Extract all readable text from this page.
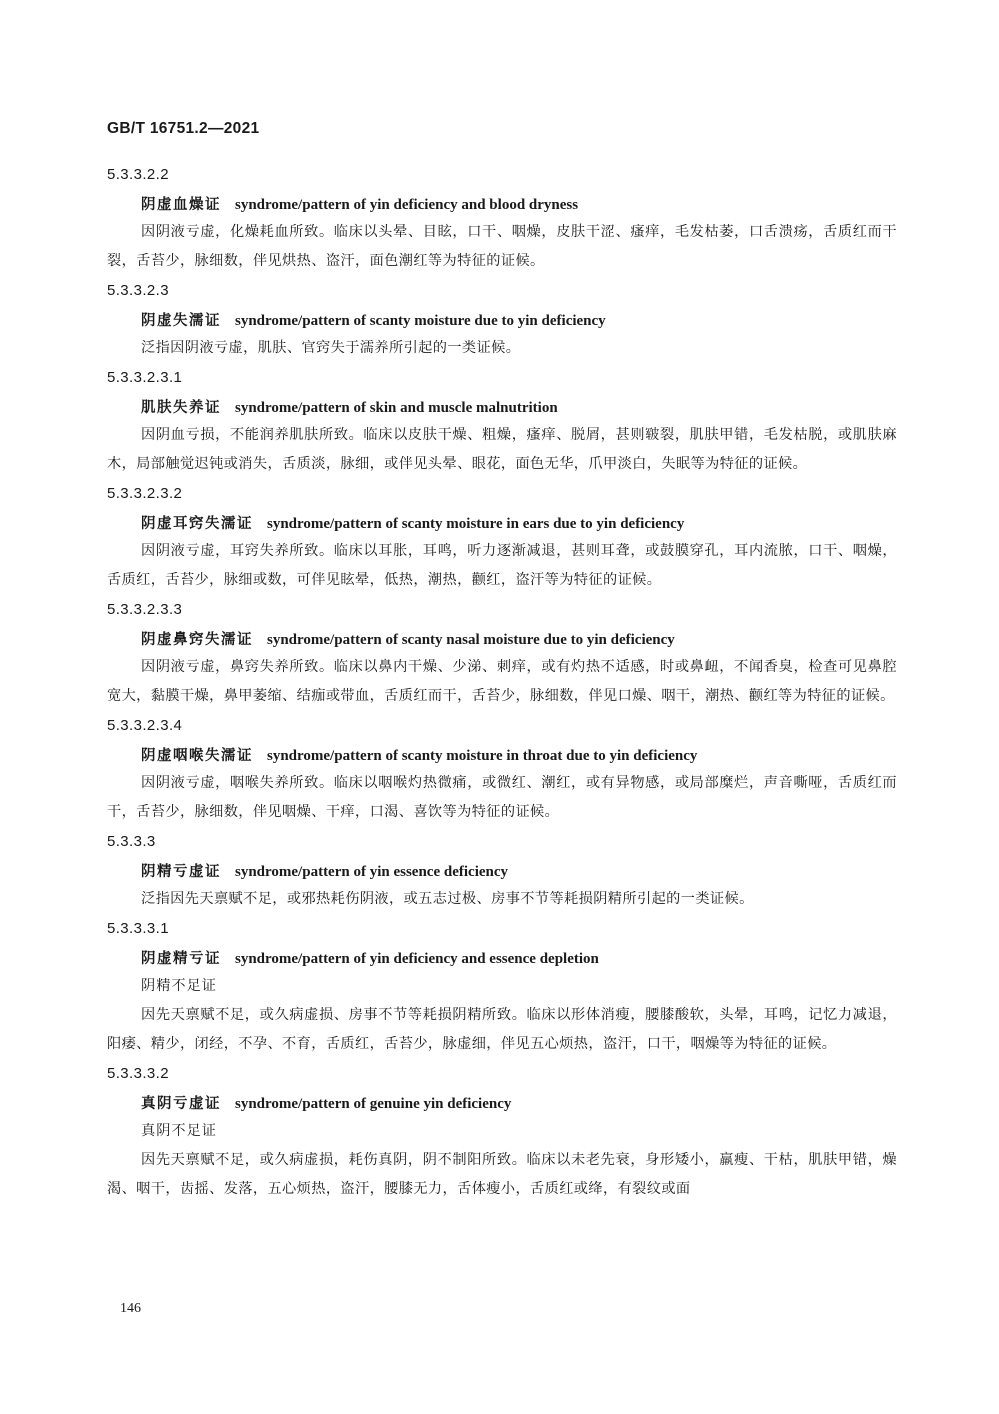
GB/T 16751.2—2021
5.3.3.2.2
阴虚血燥证 syndrome/pattern of yin deficiency and blood dryness
因阴液亏虚，化燥耗血所致。临床以头晕、目眩，口干、咽燥，皮肤干涩、瘙痒，毛发枯萎，口舌溃疡，舌质红而干裂，舌苔少，脉细数，伴见烘热、盗汗，面色潮红等为特征的证候。
5.3.3.2.3
阴虚失濡证 syndrome/pattern of scanty moisture due to yin deficiency
泛指因阴液亏虚，肌肤、官窍失于濡养所引起的一类证候。
5.3.3.2.3.1
肌肤失养证 syndrome/pattern of skin and muscle malnutrition
因阴血亏损，不能润养肌肤所致。临床以皮肤干燥、粗燥，瘙痒、脱屑，甚则皲裂，肌肤甲错，毛发枯脱，或肌肤麻木，局部触觉迟钝或消失，舌质淡，脉细，或伴见头晕、眼花，面色无华，爪甲淡白，失眠等为特征的证候。
5.3.3.2.3.2
阴虚耳窍失濡证 syndrome/pattern of scanty moisture in ears due to yin deficiency
因阴液亏虚，耳窍失养所致。临床以耳胀，耳鸣，听力逐渐减退，甚则耳聋，或鼓膜穿孔，耳内流脓，口干、咽燥，舌质红，舌苔少，脉细或数，可伴见眩晕，低热，潮热，颧红，盗汗等为特征的证候。
5.3.3.2.3.3
阴虚鼻窍失濡证 syndrome/pattern of scanty nasal moisture due to yin deficiency
因阴液亏虚，鼻窍失养所致。临床以鼻内干燥、少涕、刺痒，或有灼热不适感，时或鼻衄，不闻香臭，检查可见鼻腔宽大，黏膜干燥，鼻甲萎缩、结痂或带血，舌质红而干，舌苔少，脉细数，伴见口燥、咽干，潮热、颧红等为特征的证候。
5.3.3.2.3.4
阴虚咽喉失濡证 syndrome/pattern of scanty moisture in throat due to yin deficiency
因阴液亏虚，咽喉失养所致。临床以咽喉灼热微痛，或微红、潮红，或有异物感，或局部糜烂，声音嘶哑，舌质红而干，舌苔少，脉细数，伴见咽燥、干痒，口渴、喜饮等为特征的证候。
5.3.3.3
阴精亏虚证 syndrome/pattern of yin essence deficiency
泛指因先天禀赋不足，或邪热耗伤阴液，或五志过极、房事不节等耗损阴精所引起的一类证候。
5.3.3.3.1
阴虚精亏证 syndrome/pattern of yin deficiency and essence depletion
阴精不足证
因先天禀赋不足，或久病虚损、房事不节等耗损阴精所致。临床以形体消瘦，腰膝酸软，头晕，耳鸣，记忆力减退，阳痿、精少，闭经，不孕、不育，舌质红，舌苔少，脉虚细，伴见五心烦热，盗汗，口干，咽燥等为特征的证候。
5.3.3.3.2
真阴亏虚证 syndrome/pattern of genuine yin deficiency
真阴不足证
因先天禀赋不足，或久病虚损，耗伤真阴，阴不制阳所致。临床以未老先衰，身形矮小，羸瘦、干枯，肌肤甲错，燥渴、咽干，齿摇、发落，五心烦热，盗汗，腰膝无力，舌体瘦小，舌质红或绛，有裂纹或面
146
